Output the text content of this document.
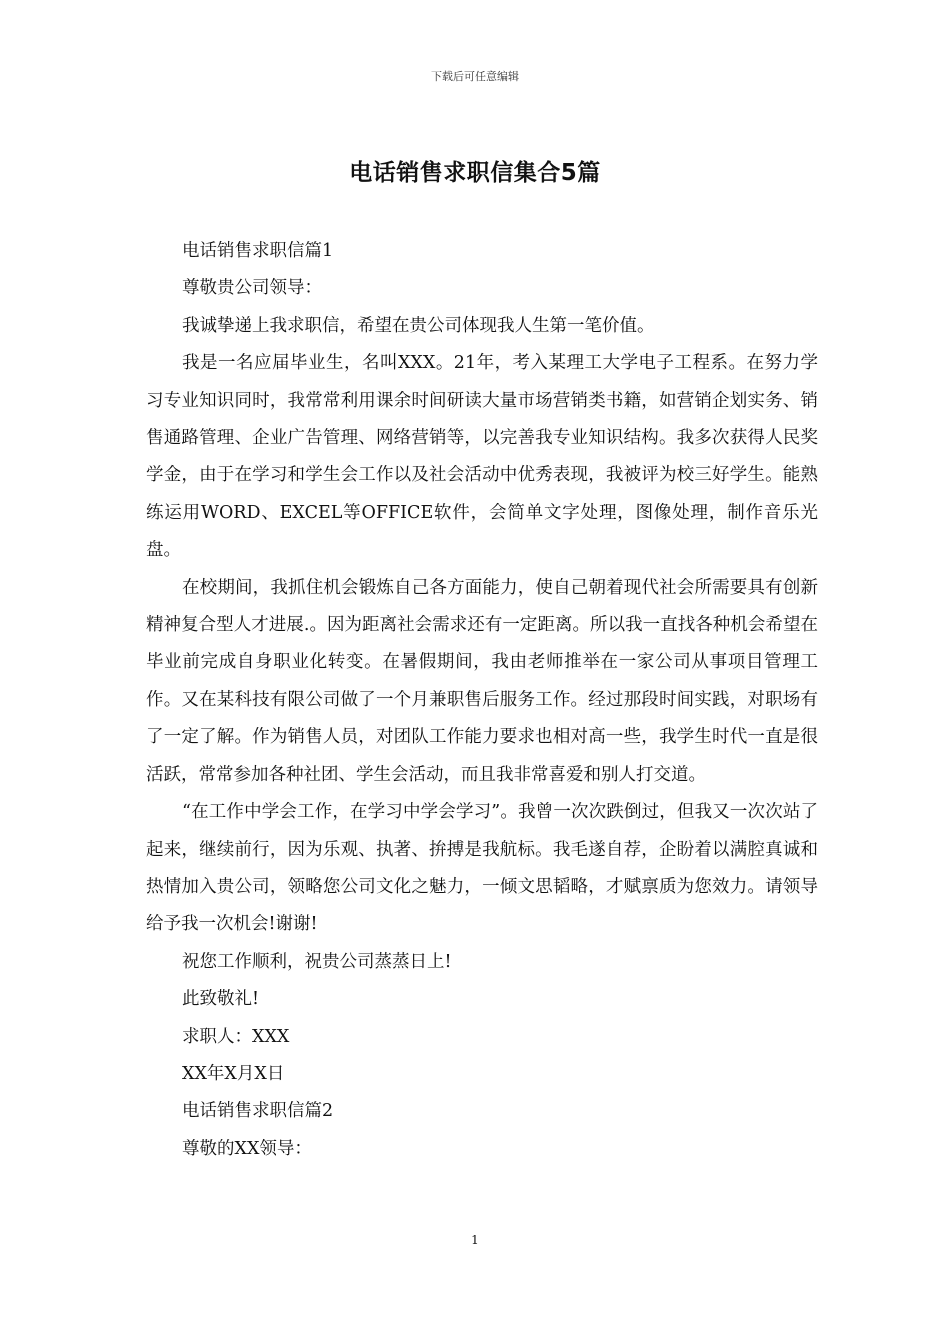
下载后可任意编辑
电话销售求职信集合5篇

电话销售求职信篇1

尊敬贵公司领导：

我诚挚递上我求职信，希望在贵公司体现我人生第一笔价值。

我是一名应届毕业生，名叫XXX。21年，考入某理工大学电子工程系。在努力学习专业知识同时，我常常利用课余时间研读大量市场营销类书籍，如营销企划实务、销售通路管理、企业广告管理、网络营销等，以完善我专业知识结构。我多次获得人民奖学金，由于在学习和学生会工作以及社会活动中优秀表现，我被评为校三好学生。能熟练运用WORD、EXCEL等OFFICE软件，会简单文字处理，图像处理，制作音乐光盘。

在校期间，我抓住机会锻炼自己各方面能力，使自己朝着现代社会所需要具有创新精神复合型人才进展.。因为距离社会需求还有一定距离。所以我一直找各种机会希望在毕业前完成自身职业化转变。在暑假期间，我由老师推举在一家公司从事项目管理工作。又在某科技有限公司做了一个月兼职售后服务工作。经过那段时间实践，对职场有了一定了解。作为销售人员，对团队工作能力要求也相对高一些，我学生时代一直是很活跃，常常参加各种社团、学生会活动，而且我非常喜爱和别人打交道。

“在工作中学会工作，在学习中学会学习”。我曾一次次跌倒过，但我又一次次站了起来，继续前行，因为乐观、执著、拚搏是我航标。我毛遂自荐，企盼着以满腔真诚和热情加入贵公司，领略您公司文化之魅力，一倾文思韬略，才赋禀质为您效力。请领导给予我一次机会!谢谢!

祝您工作顺利，祝贵公司蒸蒸日上!

此致敬礼!

求职人：XXX

XX年X月X日

电话销售求职信篇2

尊敬的XX领导：

1
